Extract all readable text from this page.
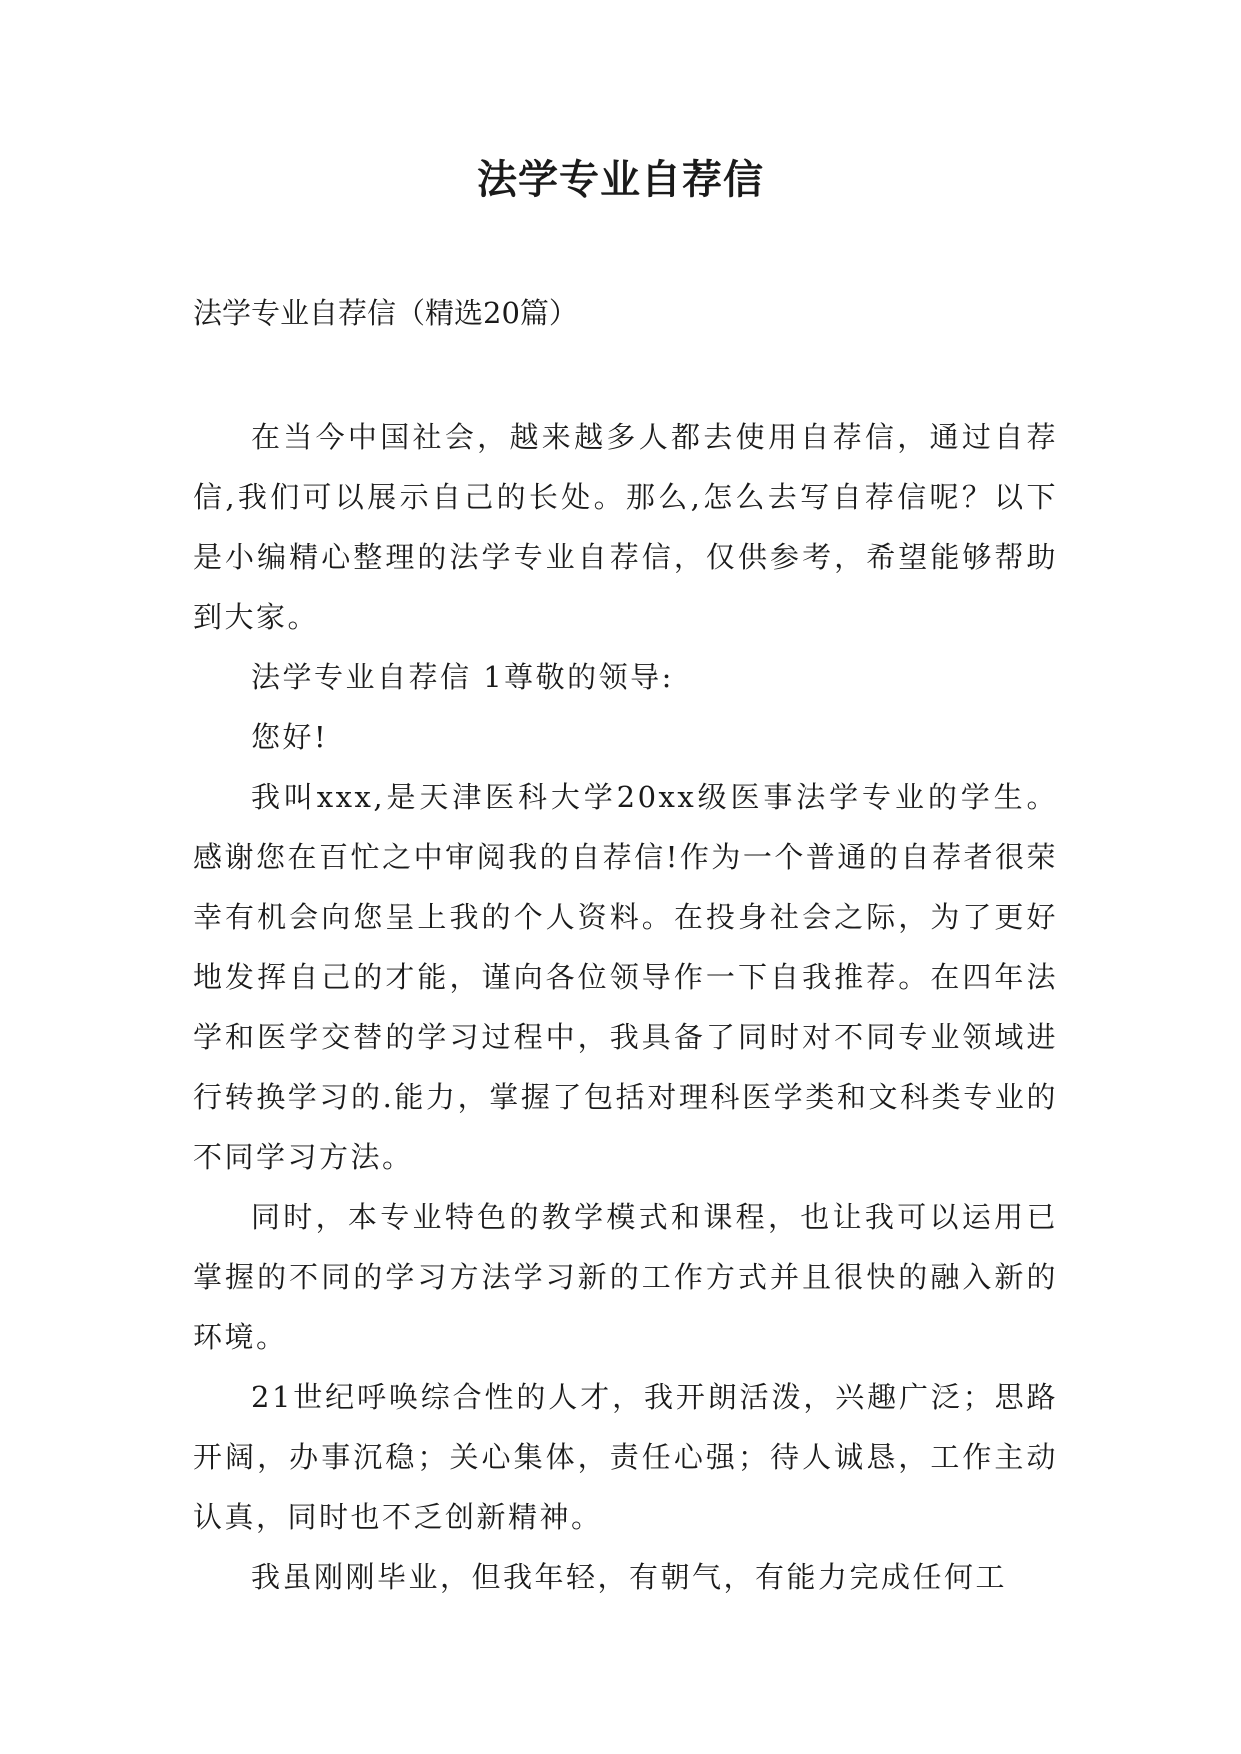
法学专业自荐信
法学专业自荐信（精选20篇）

在当今中国社会，越来越多人都去使用自荐信，通过自荐信,我们可以展示自己的长处。那么,怎么去写自荐信呢？以下是小编精心整理的法学专业自荐信，仅供参考，希望能够帮助到大家。

法学专业自荐信 1尊敬的领导:

您好!

我叫xxx,是天津医科大学20xx级医事法学专业的学生。感谢您在百忙之中审阅我的自荐信!作为一个普通的自荐者很荣幸有机会向您呈上我的个人资料。在投身社会之际，为了更好地发挥自己的才能，谨向各位领导作一下自我推荐。在四年法学和医学交替的学习过程中，我具备了同时对不同专业领域进行转换学习的.能力，掌握了包括对理科医学类和文科类专业的不同学习方法。

同时，本专业特色的教学模式和课程，也让我可以运用已掌握的不同的学习方法学习新的工作方式并且很快的融入新的环境。

21世纪呼唤综合性的人才，我开朗活泼，兴趣广泛；思路开阔，办事沉稳；关心集体，责任心强；待人诚恳，工作主动认真，同时也不乏创新精神。

我虽刚刚毕业，但我年轻，有朝气，有能力完成任何工
